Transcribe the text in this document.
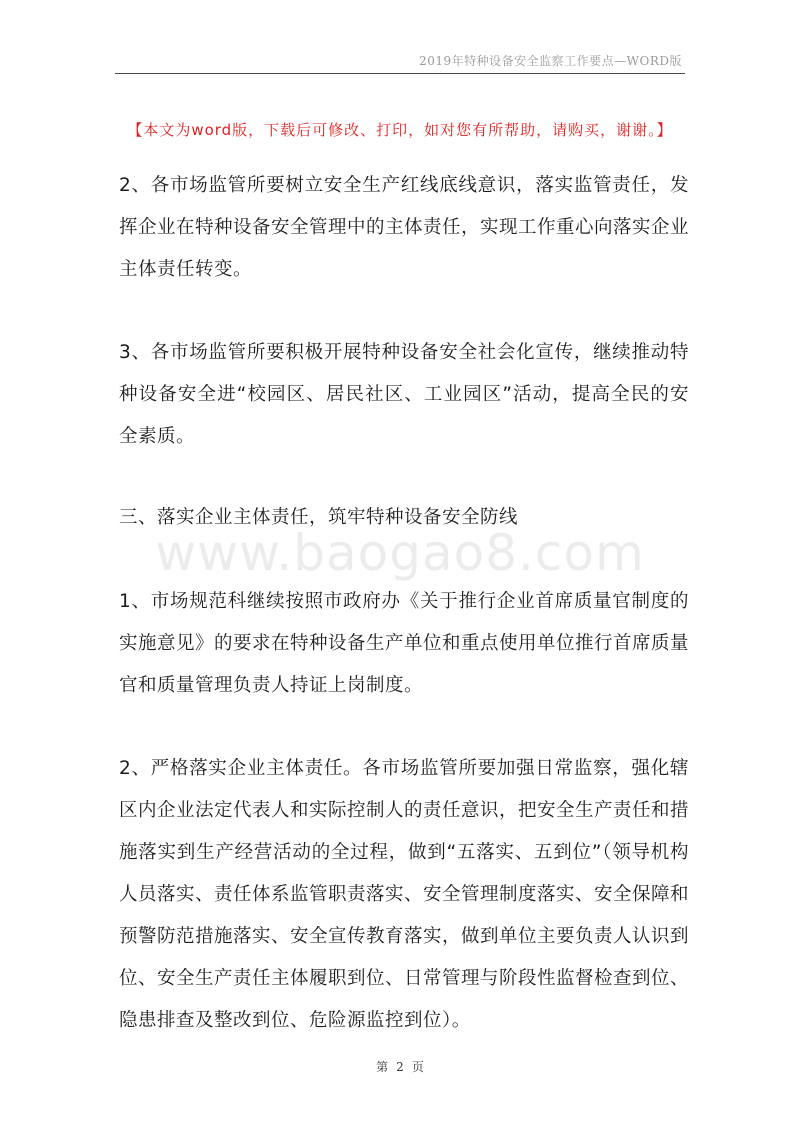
2019年特种设备安全监察工作要点—WORD版
【本文为word版，下载后可修改、打印，如对您有所帮助，请购买，谢谢。】

2、各市场监管所要树立安全生产红线底线意识，落实监管责任，发挥企业在特种设备安全管理中的主体责任，实现工作重心向落实企业主体责任转变。

3、各市场监管所要积极开展特种设备安全社会化宣传，继续推动特种设备安全进“校园区、居民社区、工业园区”活动，提高全民的安全素质。

三、落实企业主体责任，筑牢特种设备安全防线

www.baogao8.com

1、市场规范科继续按照市政府办《关于推行企业首席质量官制度的实施意见》的要求在特种设备生产单位和重点使用单位推行首席质量官和质量管理负责人持证上岗制度。

2、严格落实企业主体责任。各市场监管所要加强日常监察，强化辖区内企业法定代表人和实际控制人的责任意识，把安全生产责任和措施落实到生产经营活动的全过程，做到“五落实、五到位”（领导机构人员落实、责任体系监管职责落实、安全管理制度落实、安全保障和预警防范措施落实、安全宣传教育落实，做到单位主要负责人认识到位、安全生产责任主体履职到位、日常管理与阶段性监督检查到位、隐患排查及整改到位、危险源监控到位）。

第 2 页
